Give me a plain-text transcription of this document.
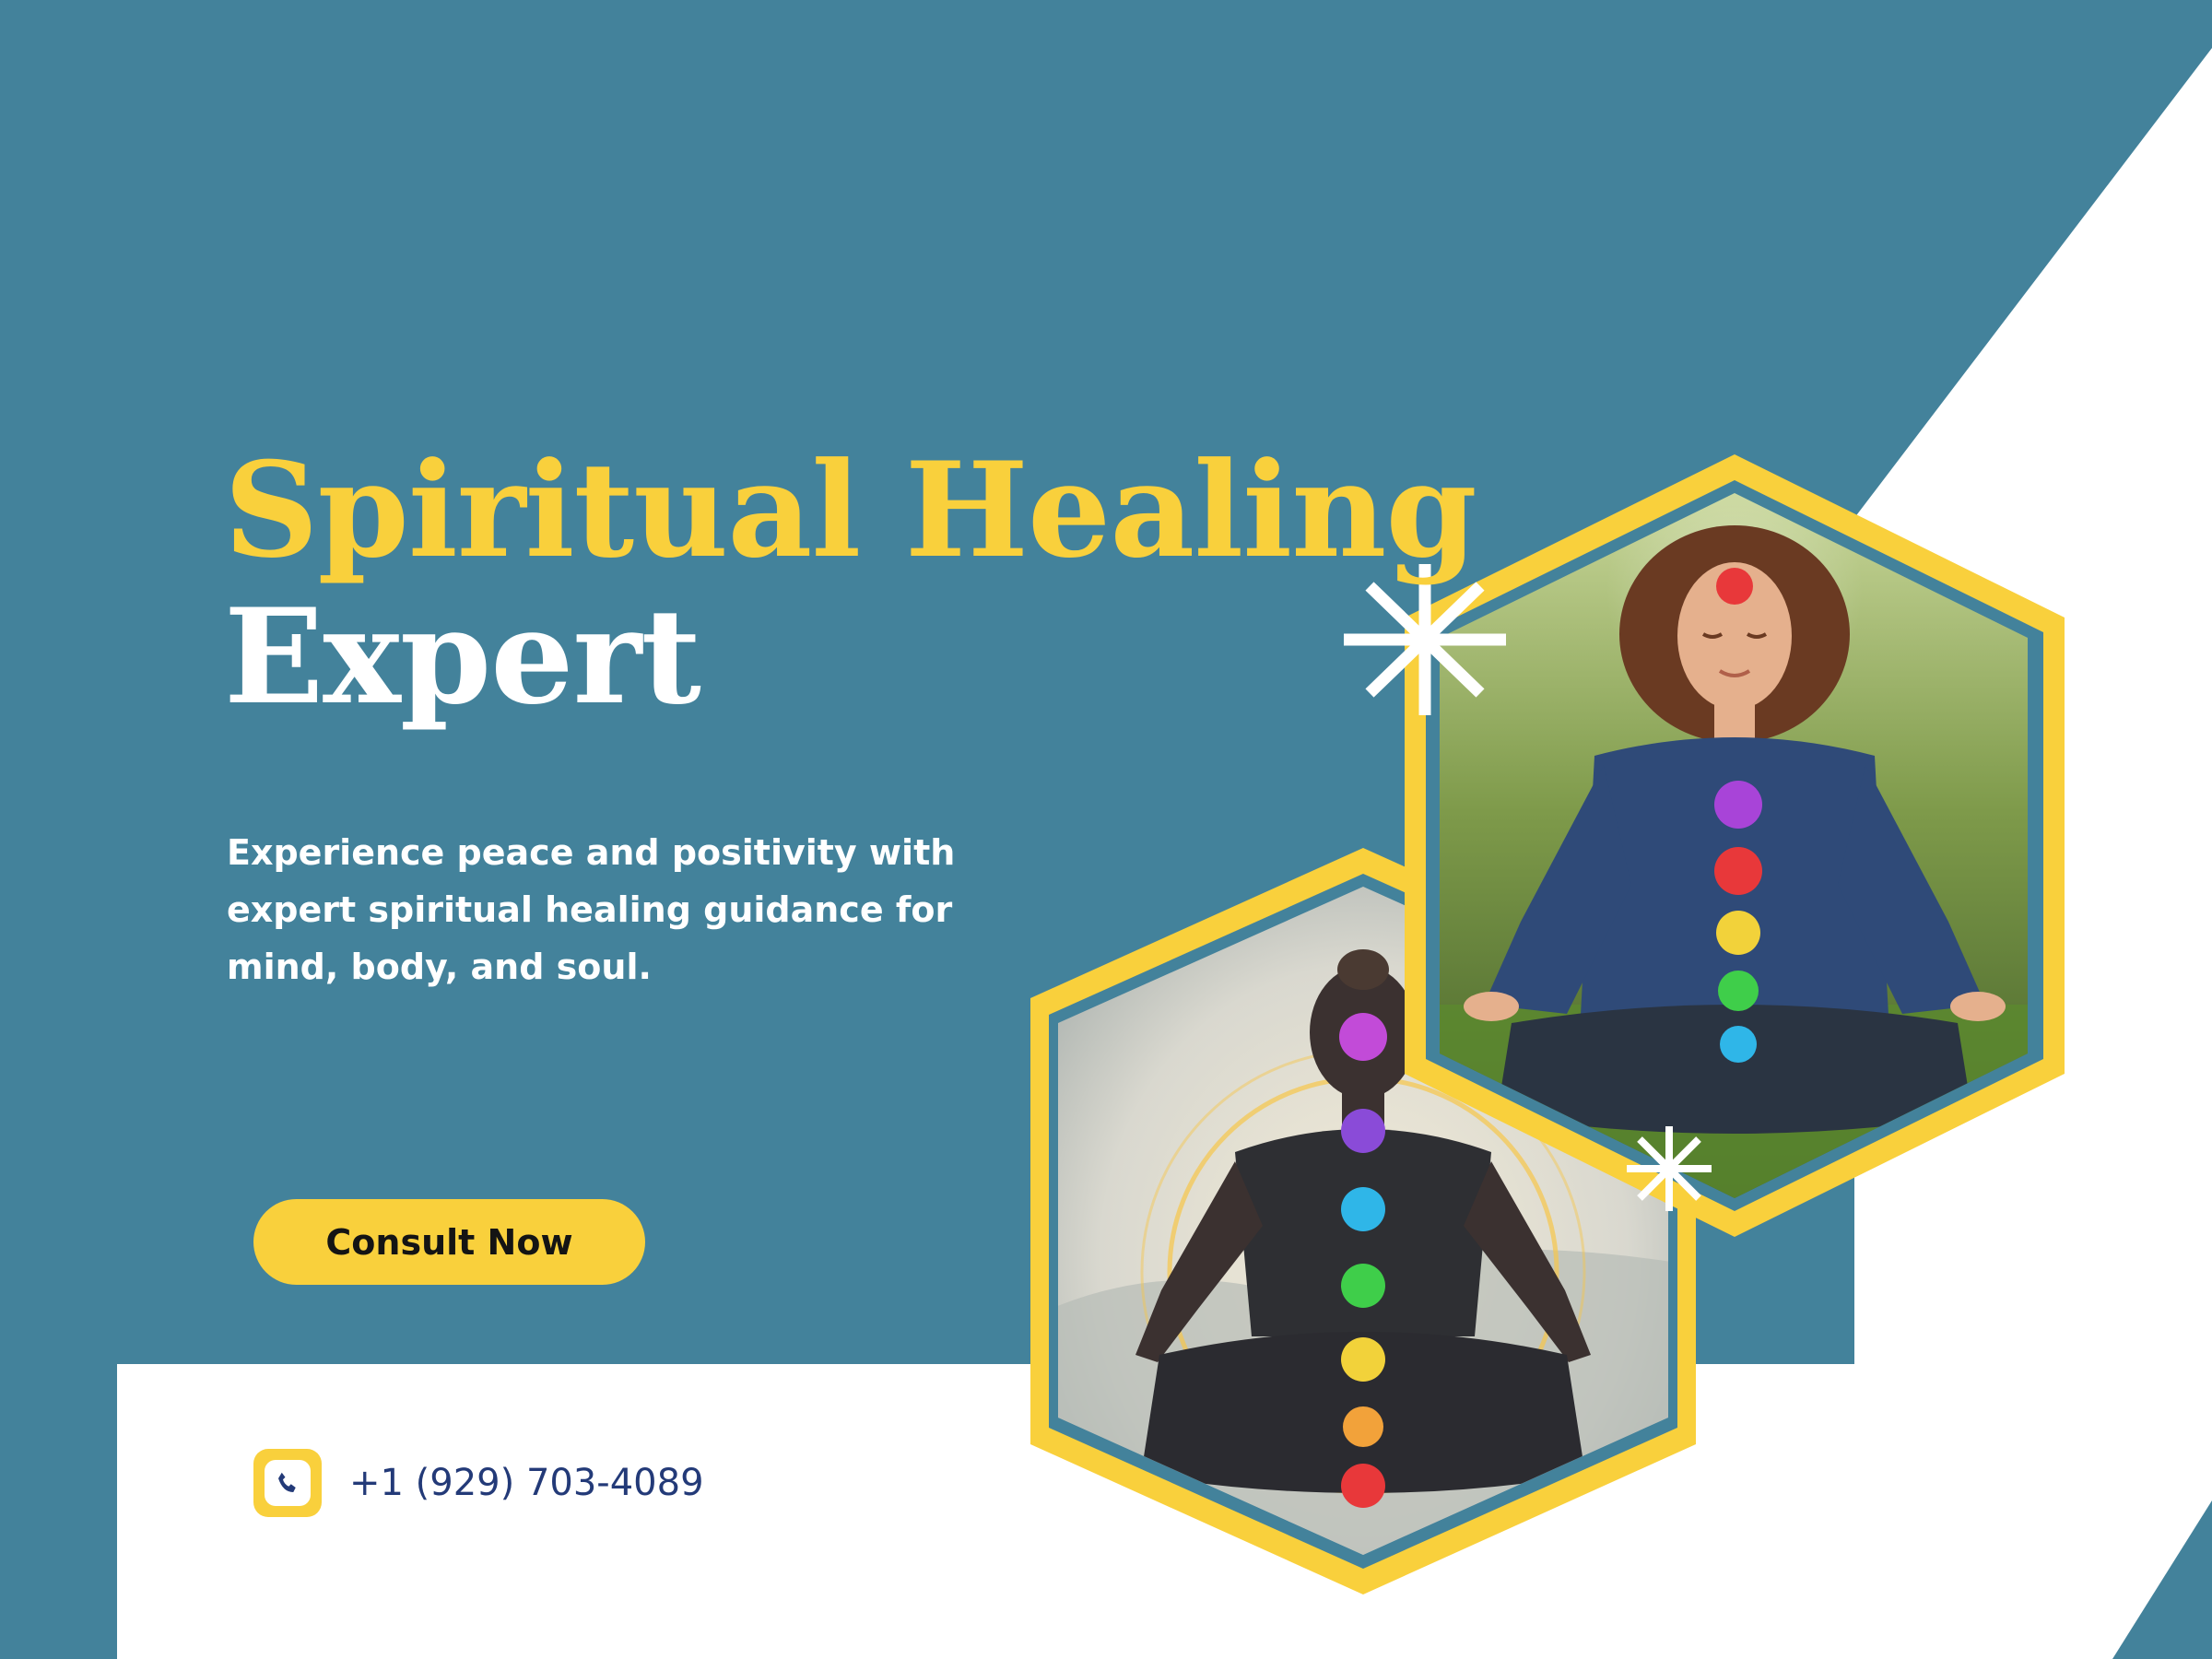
Spiritual Healing
Expert

Experience peace and positivity with expert spiritual healing guidance for mind, body, and soul.

Consult Now
+1 (929) 703-4089
